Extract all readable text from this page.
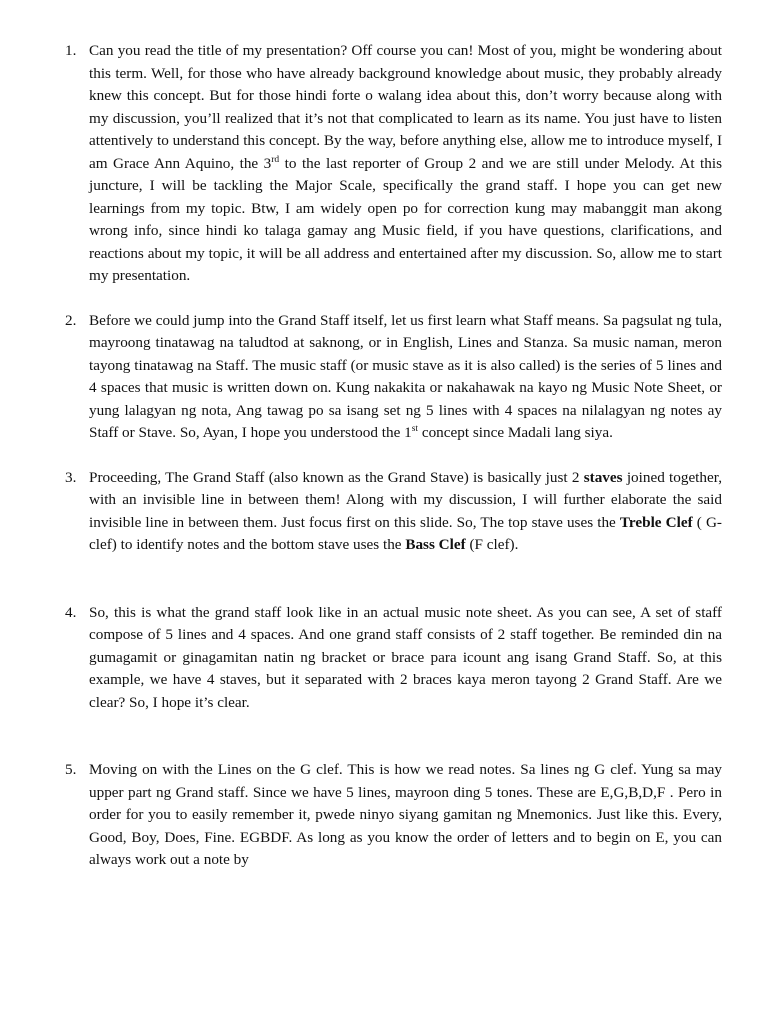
1. Can you read the title of my presentation? Off course you can! Most of you, might be wondering about this term. Well, for those who have already background knowledge about music, they probably already knew this concept. But for those hindi forte o walang idea about this, don’t worry because along with my discussion, you’ll realized that it’s not that complicated to learn as its name. You just have to listen attentively to understand this concept. By the way, before anything else, allow me to introduce myself, I am Grace Ann Aquino, the 3rd to the last reporter of Group 2 and we are still under Melody. At this juncture, I will be tackling the Major Scale, specifically the grand staff. I hope you can get new learnings from my topic. Btw, I am widely open po for correction kung may mabanggit man akong wrong info, since hindi ko talaga gamay ang Music field, if you have questions, clarifications, and reactions about my topic, it will be all address and entertained after my discussion. So, allow me to start my presentation.

2. Before we could jump into the Grand Staff itself, let us first learn what Staff means. Sa pagsulat ng tula, mayroong tinatawag na taludtod at saknong, or in English, Lines and Stanza. Sa music naman, meron tayong tinatawag na Staff. The music staff (or music stave as it is also called) is the series of 5 lines and 4 spaces that music is written down on. Kung nakakita or nakahawak na kayo ng Music Note Sheet, or yung lalagyan ng nota, Ang tawag po sa isang set ng 5 lines with 4 spaces na nilalagyan ng notes ay Staff or Stave. So, Ayan, I hope you understood the 1st concept since Madali lang siya.

3. Proceeding, The Grand Staff (also known as the Grand Stave) is basically just 2 staves joined together, with an invisible line in between them! Along with my discussion, I will further elaborate the said invisible line in between them. Just focus first on this slide. So, The top stave uses the Treble Clef ( G-clef) to identify notes and the bottom stave uses the Bass Clef (F clef).

4. So, this is what the grand staff look like in an actual music note sheet. As you can see, A set of staff compose of 5 lines and 4 spaces. And one grand staff consists of 2 staff together. Be reminded din na gumagamit or ginagamitan natin ng bracket or brace para icount ang isang Grand Staff. So, at this example, we have 4 staves, but it separated with 2 braces kaya meron tayong 2 Grand Staff. Are we clear? So, I hope it’s clear.

5. Moving on with the Lines on the G clef. This is how we read notes. Sa lines ng G clef. Yung sa may upper part ng Grand staff. Since we have 5 lines, mayroon ding 5 tones. These are E,G,B,D,F . Pero in order for you to easily remember it, pwede ninyo siyang gamitan ng Mnemonics. Just like this. Every, Good, Boy, Does, Fine. EGBDF. As long as you know the order of letters and to begin on E, you can always work out a note by
